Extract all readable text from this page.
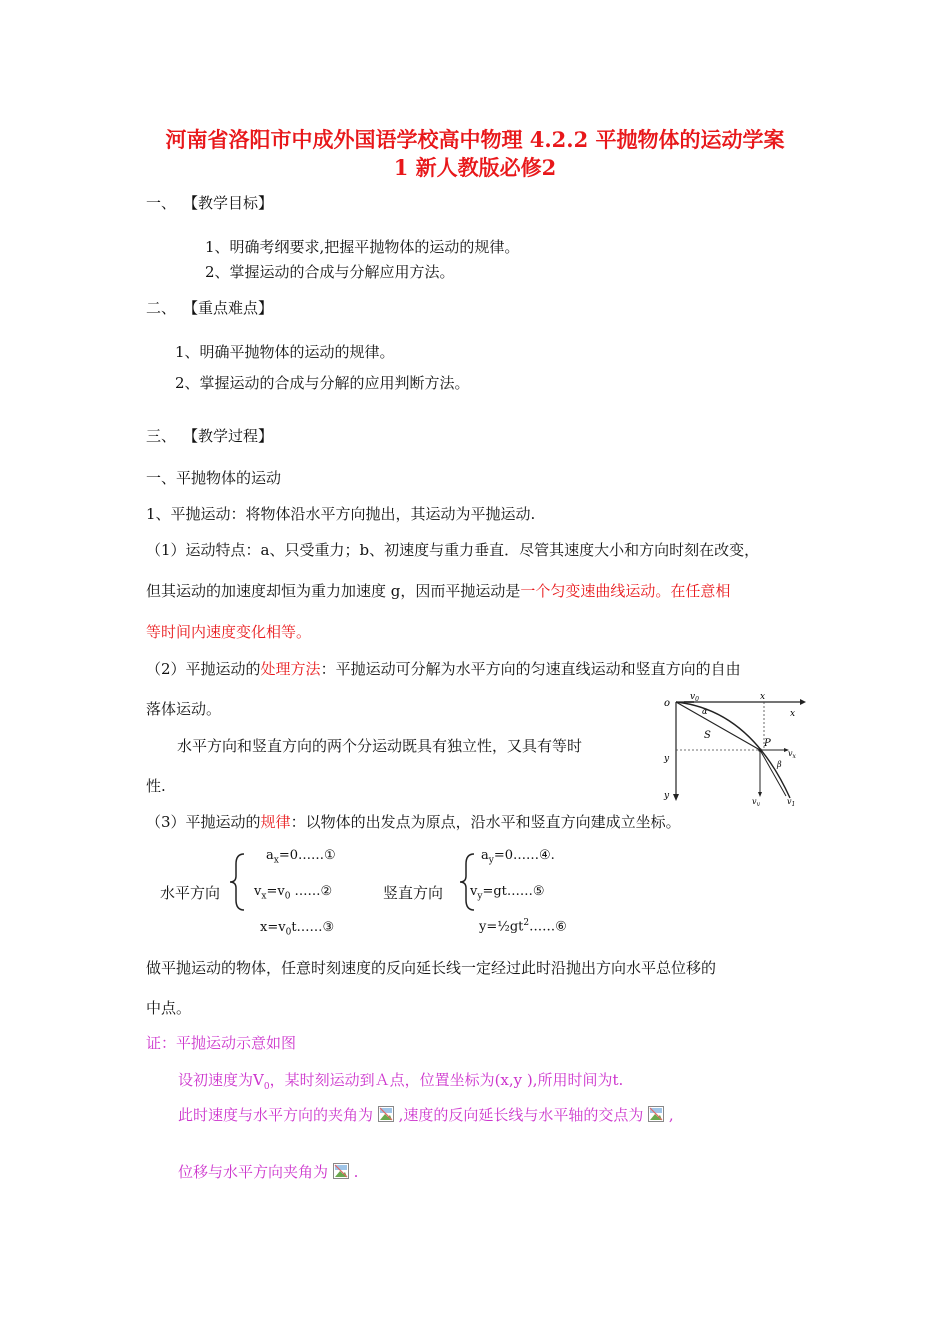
河南省洛阳市中成外国语学校高中物理 4.2.2 平抛物体的运动学案
1 新人教版必修2
一、 【教学目标】
1、明确考纲要求,把握平抛物体的运动的规律。
2、掌握运动的合成与分解应用方法。
二、 【重点难点】
1、明确平抛物体的运动的规律。
2、掌握运动的合成与分解的应用判断方法。
三、 【教学过程】
一、平抛物体的运动
1、平抛运动：将物体沿水平方向抛出，其运动为平抛运动.
（1）运动特点：a、只受重力；b、初速度与重力垂直．尽管其速度大小和方向时刻在改变，
但其运动的加速度却恒为重力加速度 g，因而平抛运动是一个匀变速曲线运动。在任意相
等时间内速度变化相等。
（2）平抛运动的处理方法：平抛运动可分解为水平方向的匀速直线运动和竖直方向的自由
落体运动。
水平方向和竖直方向的两个分运动既具有独立性，又具有等时
性.
（3）平抛运动的规律：以物体的出发点为原点，沿水平和竖直方向建成立坐标。
o
$v_0$	x
x
α
S
P
$v_x$
β
y
y
$v_y$	$v_1$
水平方向
$a_x=0\dots\dots ①$
$v_x=v_0$ ……②
$x=v_0t\dots\dots ③$
竖直方向
$a_y=0\dots\dots ④$.
$v_y=gt\dots\dots ⑤$
$y=\frac{1}{2}gt^2\dots\dots ⑥$
做平抛运动的物体，任意时刻速度的反向延长线一定经过此时沿抛出方向水平总位移的
中点。
证：平抛运动示意如图
设初速度为$V_0$，某时刻运动到Ａ点，位置坐标为(x,y ),所用时间为t.
此时速度与水平方向的夹角为 ,速度的反向延长线与水平轴的交点为 ,
位移与水平方向夹角为 .
